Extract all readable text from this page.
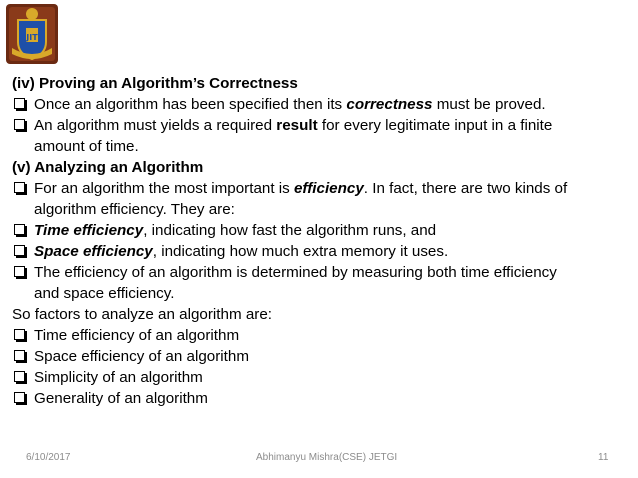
JIT
(iv) Proving an Algorithm’s Correctness
Once an algorithm has been specified then its correctness must be proved.
An algorithm must yields a required result for every legitimate input in a finite
amount of time.
(v) Analyzing an Algorithm
For an algorithm the most important is efficiency. In fact, there are two kinds of
algorithm efficiency. They are:
Time efficiency, indicating how fast the algorithm runs, and
Space efficiency, indicating how much extra memory it uses.
The efficiency of an algorithm is determined by measuring both time efficiency
and space efficiency.
So factors to analyze an algorithm are:
Time efficiency of an algorithm
Space efficiency of an algorithm
Simplicity of an algorithm
Generality of an algorithm
6/10/2017	Abhimanyu Mishra(CSE) JETGI	11
